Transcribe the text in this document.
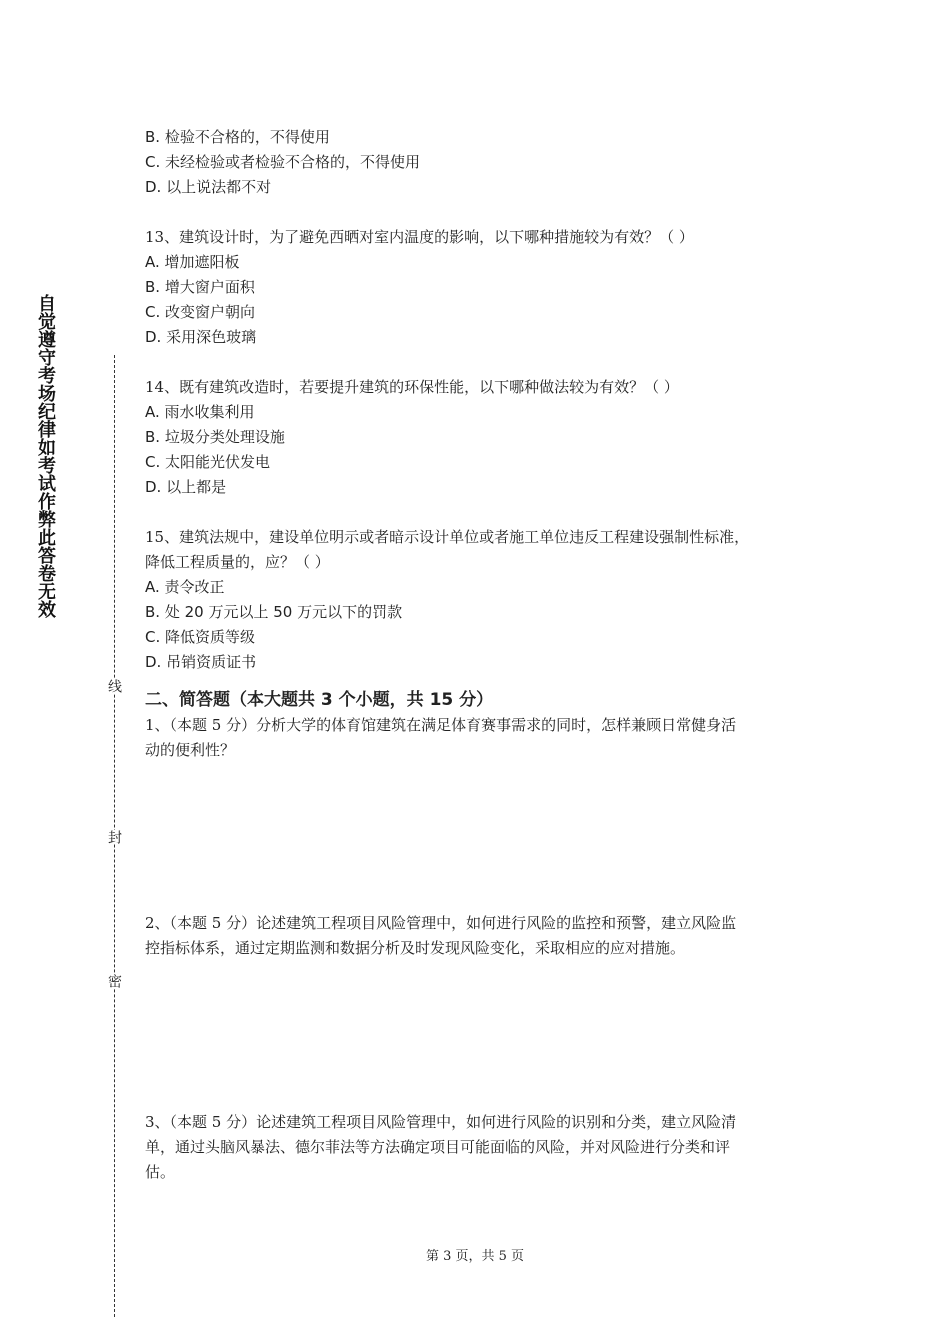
自觉遵守考场纪律如考试作弊此答卷无效
线
封
密
B. 检验不合格的，不得使用
C. 未经检验或者检验不合格的，不得使用
D. 以上说法都不对
13、建筑设计时，为了避免西晒对室内温度的影响，以下哪种措施较为有效？（ ）
A. 增加遮阳板
B. 增大窗户面积
C. 改变窗户朝向
D. 采用深色玻璃
14、既有建筑改造时，若要提升建筑的环保性能，以下哪种做法较为有效？（ ）
A. 雨水收集利用
B. 垃圾分类处理设施
C. 太阳能光伏发电
D. 以上都是
15、建筑法规中，建设单位明示或者暗示设计单位或者施工单位违反工程建设强制性标准，
降低工程质量的，应？（ ）
A. 责令改正
B. 处 20 万元以上 50 万元以下的罚款
C. 降低资质等级
D. 吊销资质证书
二、简答题（本大题共 3 个小题，共 15 分）
1、（本题 5 分）分析大学的体育馆建筑在满足体育赛事需求的同时，怎样兼顾日常健身活
动的便利性？
2、（本题 5 分）论述建筑工程项目风险管理中，如何进行风险的监控和预警，建立风险监
控指标体系，通过定期监测和数据分析及时发现风险变化，采取相应的应对措施。
3、（本题 5 分）论述建筑工程项目风险管理中，如何进行风险的识别和分类，建立风险清
单，通过头脑风暴法、德尔菲法等方法确定项目可能面临的风险，并对风险进行分类和评
估。
第 3 页，共 5 页
